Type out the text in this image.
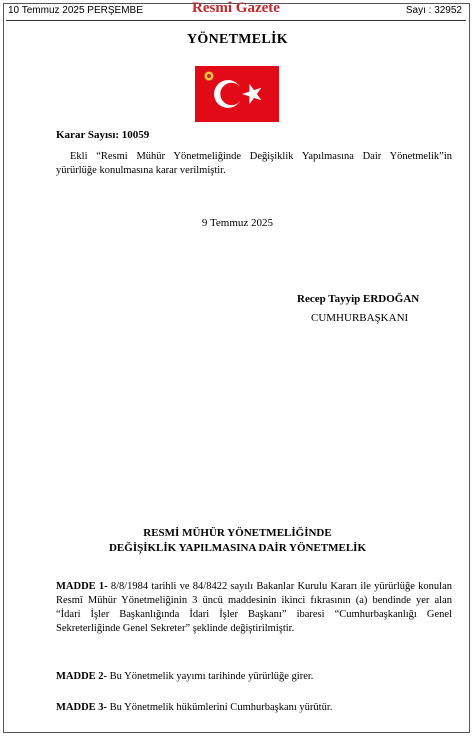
10 Temmuz 2025 PERŞEMBE	Resmî Gazete	Sayı : 32952
YÖNETMELİK
Karar Sayısı: 10059
Ekli “Resmi Mühür Yönetmeliğinde Değişiklik Yapılmasına Dair Yönetmelik”in yürürlüğe konulmasına karar verilmiştir.
9 Temmuz 2025
Recep Tayyip ERDOĞAN
CUMHURBAŞKANI
RESMİ MÜHÜR YÖNETMELİĞİNDE
DEĞİŞİKLİK YAPILMASINA DAİR YÖNETMELİK
MADDE 1- 8/8/1984 tarihli ve 84/8422 sayılı Bakanlar Kurulu Kararı ile yürürlüğe konulan Resmî Mühür Yönetmeliğinin 3 üncü maddesinin ikinci fıkrasının (a) bendinde yer alan “İdari İşler Başkanlığında İdari İşler Başkanı” ibaresi “Cumhurbaşkanlığı Genel Sekreterliğinde Genel Sekreter” şeklinde değiştirilmiştir.
MADDE 2- Bu Yönetmelik yayımı tarihinde yürürlüğe girer.
MADDE 3- Bu Yönetmelik hükümlerini Cumhurbaşkanı yürütür.
